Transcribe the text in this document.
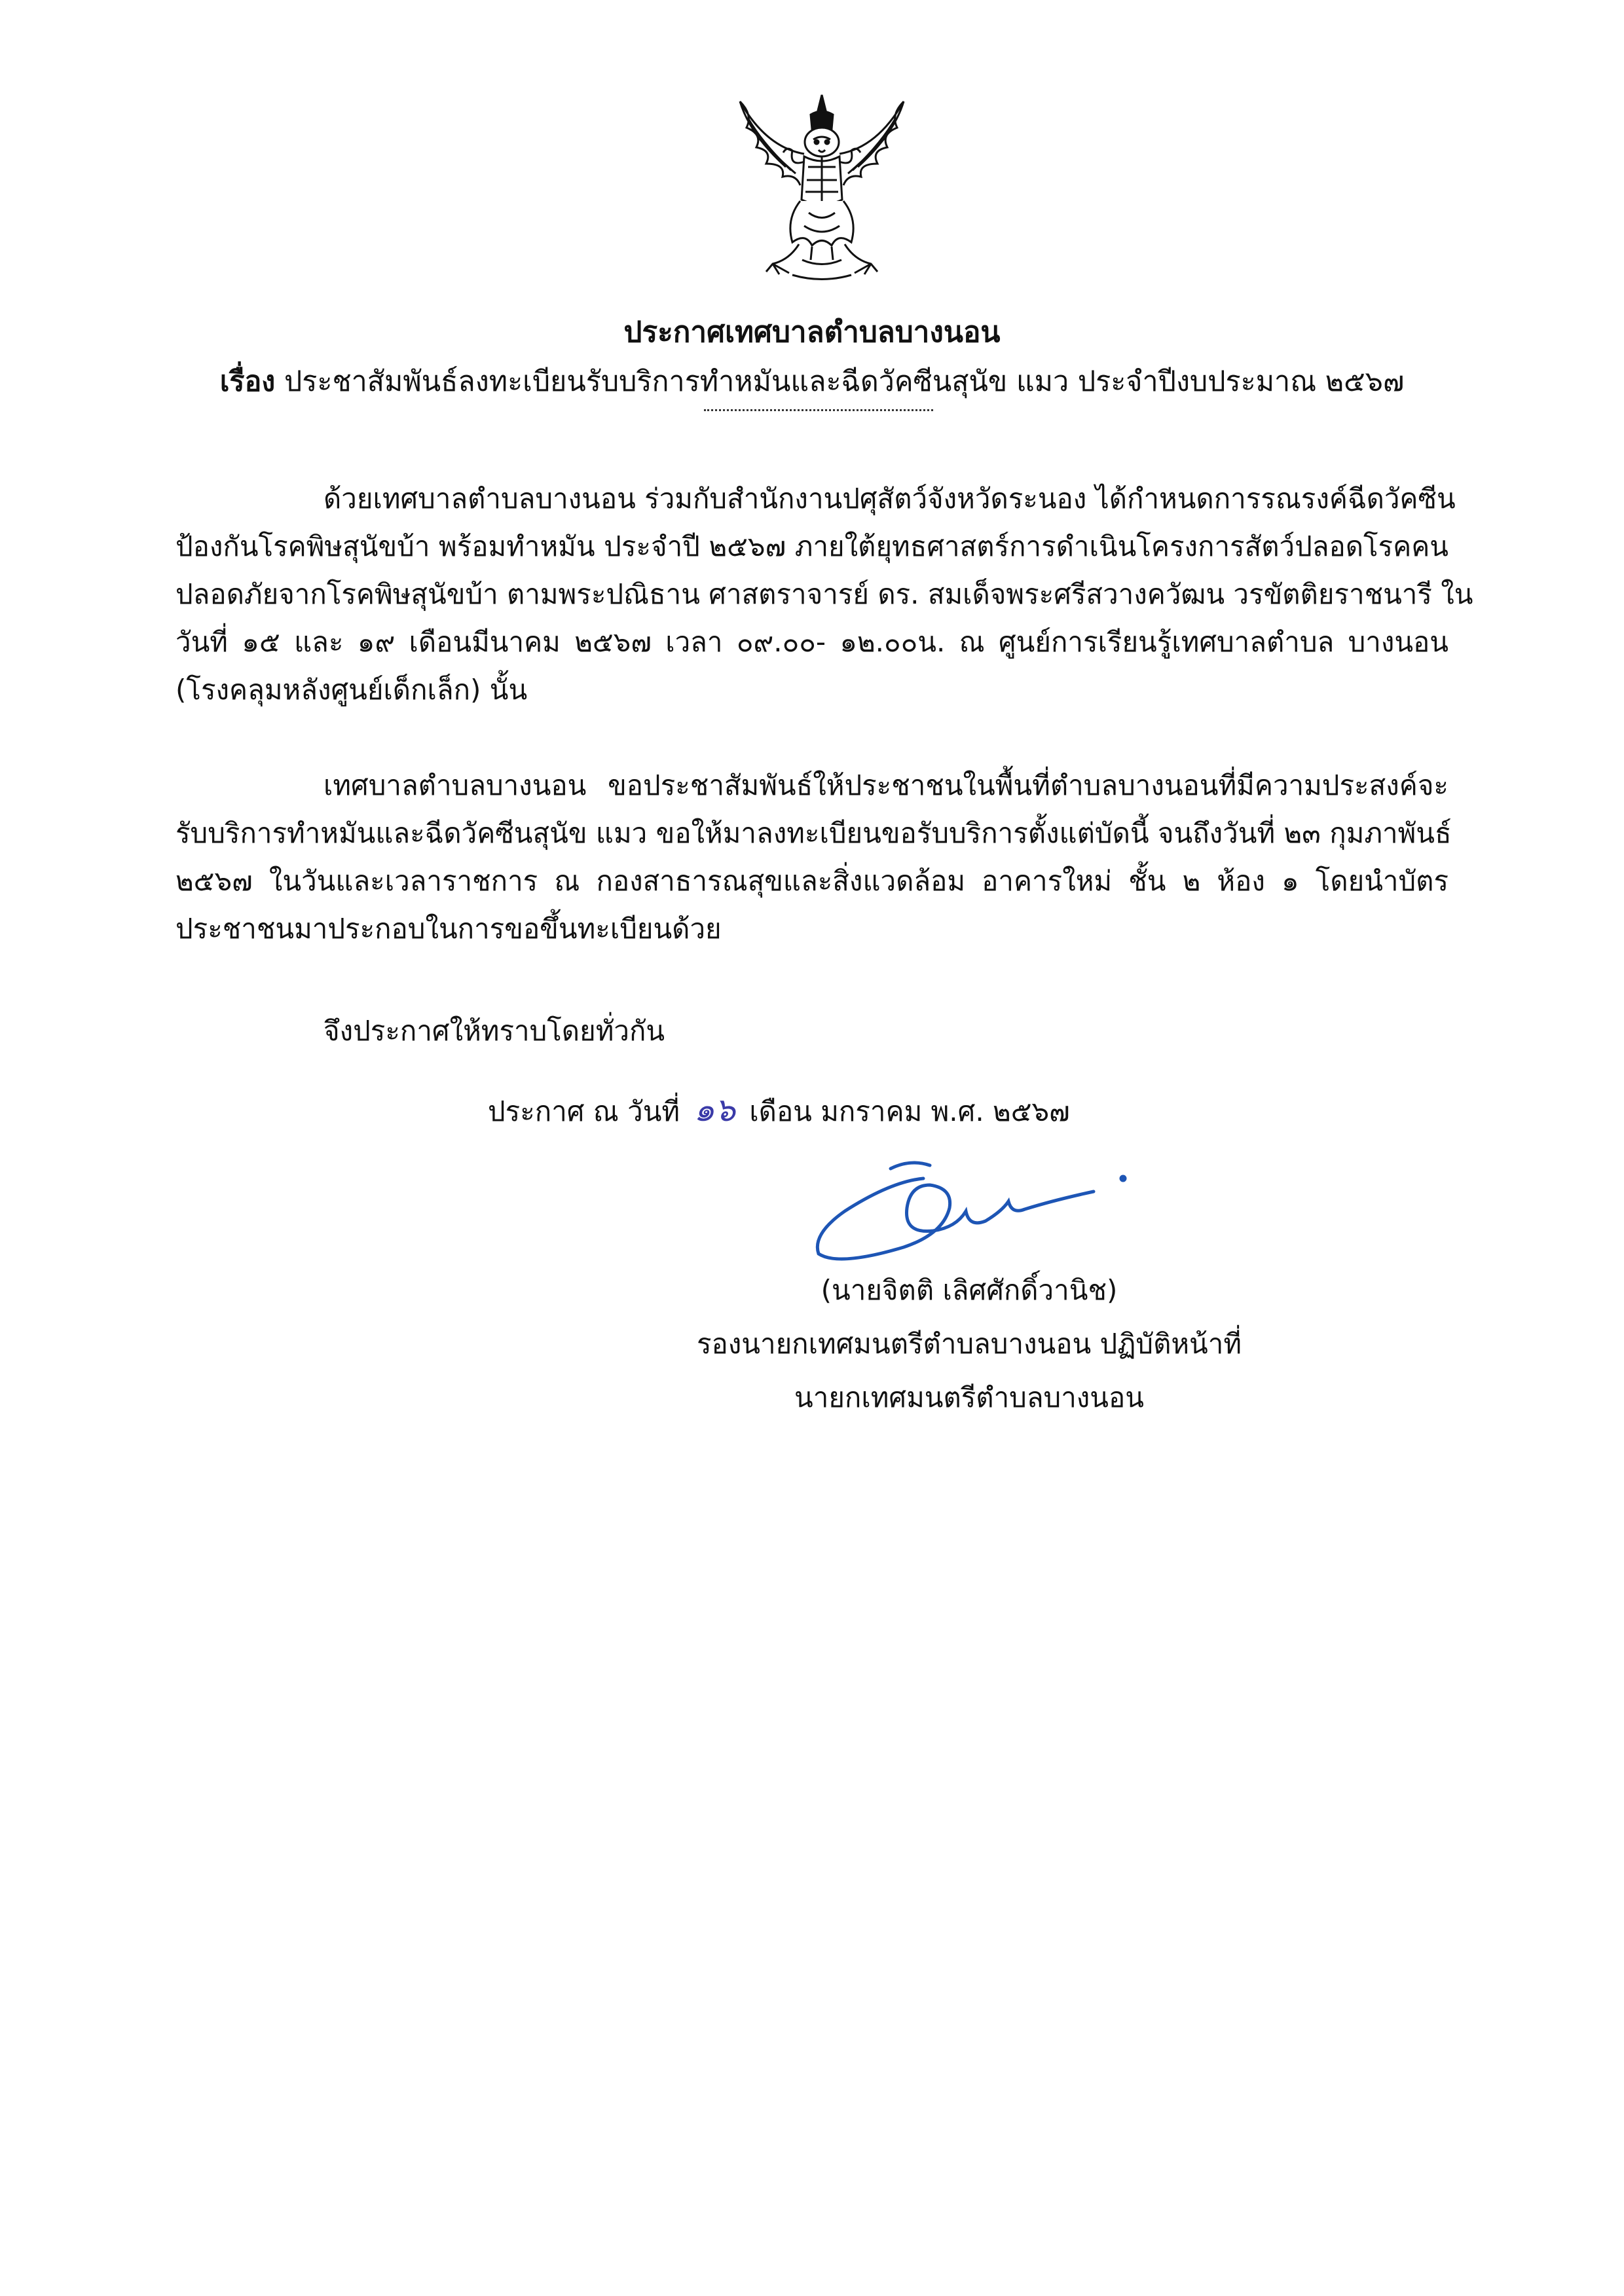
ประกาศเทศบาลตำบลบางนอน
เรื่อง ประชาสัมพันธ์ลงทะเบียนรับบริการทำหมันและฉีดวัคซีนสุนัข แมว ประจำปีงบประมาณ ๒๕๖๗
ด้วยเทศบาลตำบลบางนอน ร่วมกับสำนักงานปศุสัตว์จังหวัดระนอง ได้กำหนดการรณรงค์ฉีดวัคซีน
ป้องกันโรคพิษสุนัขบ้า พร้อมทำหมัน ประจำปี ๒๕๖๗ ภายใต้ยุทธศาสตร์การดำเนินโครงการสัตว์ปลอดโรคคน
ปลอดภัยจากโรคพิษสุนัขบ้า ตามพระปณิธาน ศาสตราจารย์ ดร. สมเด็จพระศรีสวางควัฒน วรขัตติยราชนารี ใน
วันที่ ๑๕ และ ๑๙ เดือนมีนาคม ๒๕๖๗ เวลา ๐๙.๐๐- ๑๒.๐๐น. ณ ศูนย์การเรียนรู้เทศบาลตำบล บางนอน
(โรงคลุมหลังศูนย์เด็กเล็ก) นั้น
เทศบาลตำบลบางนอน ขอประชาสัมพันธ์ให้ประชาชนในพื้นที่ตำบลบางนอนที่มีความประสงค์จะ
รับบริการทำหมันและฉีดวัคซีนสุนัข แมว ขอให้มาลงทะเบียนขอรับบริการตั้งแต่บัดนี้ จนถึงวันที่ ๒๓ กุมภาพันธ์
๒๕๖๗ ในวันและเวลาราชการ ณ กองสาธารณสุขและสิ่งแวดล้อม อาคารใหม่ ชั้น ๒ ห้อง ๑ โดยนำบัตร
ประชาชนมาประกอบในการขอขึ้นทะเบียนด้วย
จึงประกาศให้ทราบโดยทั่วกัน
ประกาศ ณ วันที่ ๑๖ เดือน มกราคม พ.ศ. ๒๕๖๗
(นายจิตติ เลิศศักดิ์วานิช)
รองนายกเทศมนตรีตำบลบางนอน ปฏิบัติหน้าที่
นายกเทศมนตรีตำบลบางนอน
